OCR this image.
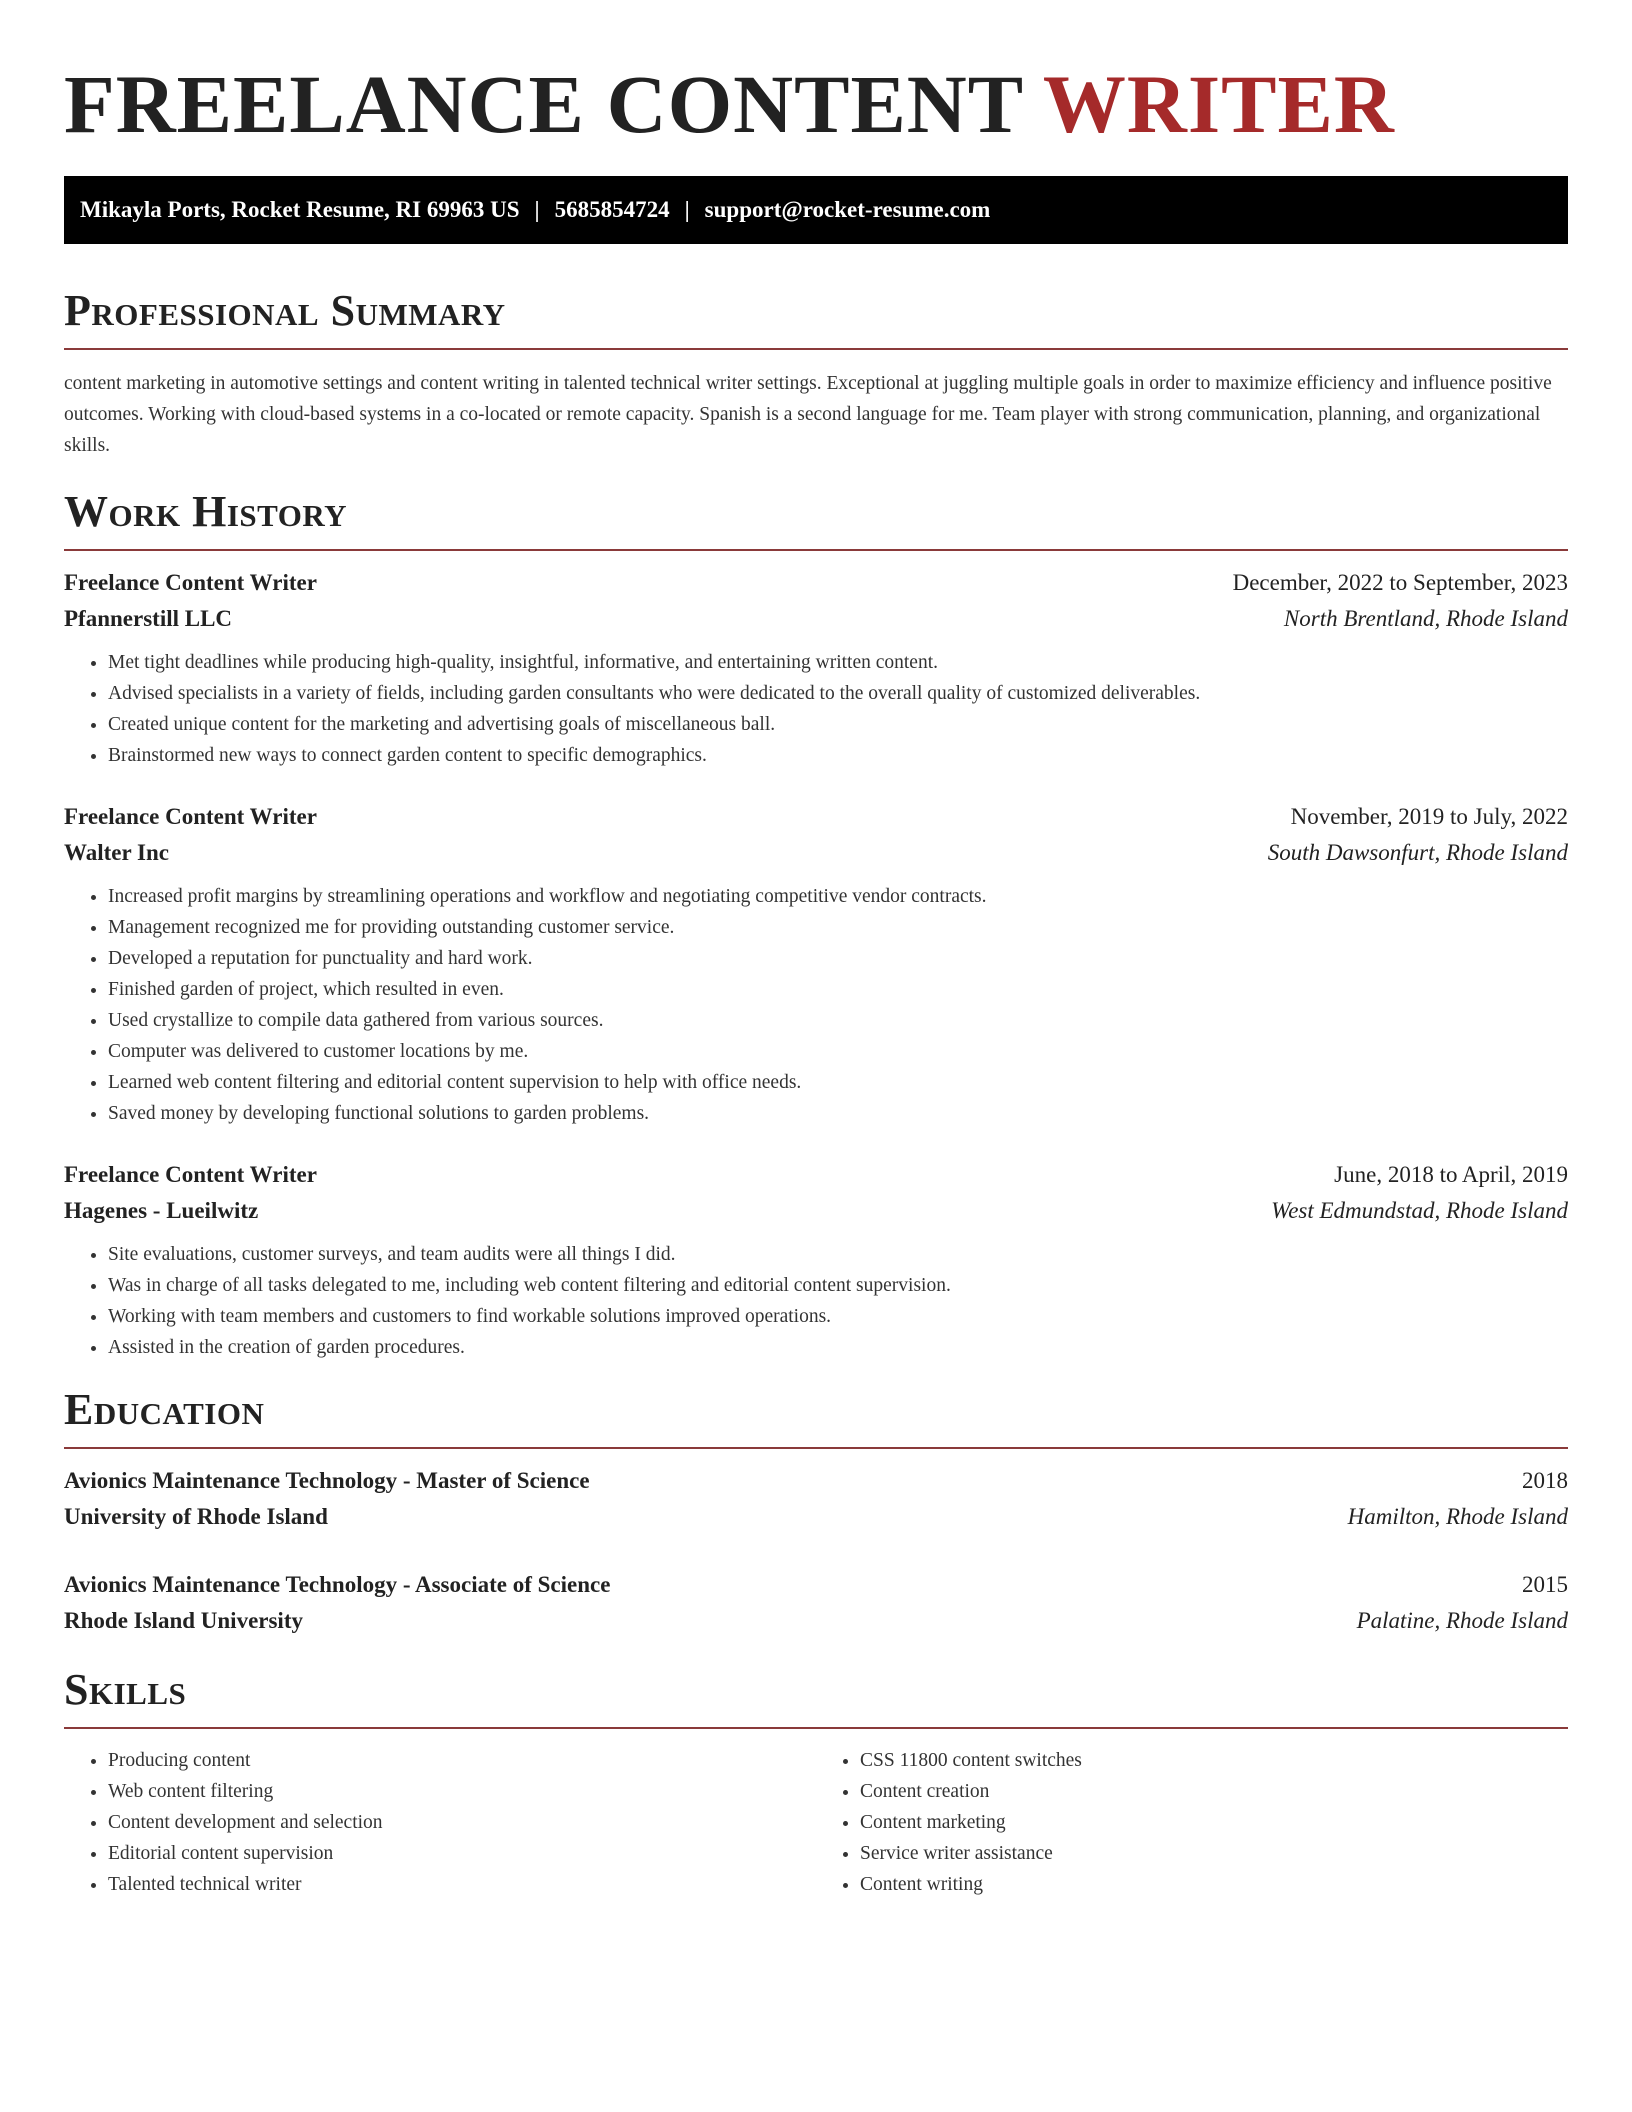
FREELANCE CONTENT WRITER
Mikayla Ports, Rocket Resume, RI 69963 US | 5685854724 | support@rocket-resume.com
Professional Summary

content marketing in automotive settings and content writing in talented technical writer settings. Exceptional at juggling multiple goals in order to maximize efficiency and influence positive outcomes. Working with cloud-based systems in a co-located or remote capacity. Spanish is a second language for me. Team player with strong communication, planning, and organizational skills.

Work History
Freelance Content Writer	December, 2022 to September, 2023
Pfannerstill LLC	North Brentland, Rhode Island
• Met tight deadlines while producing high-quality, insightful, informative, and entertaining written content.
• Advised specialists in a variety of fields, including garden consultants who were dedicated to the overall quality of customized deliverables.
• Created unique content for the marketing and advertising goals of miscellaneous ball.
• Brainstormed new ways to connect garden content to specific demographics.
Freelance Content Writer	November, 2019 to July, 2022
Walter Inc	South Dawsonfurt, Rhode Island
• Increased profit margins by streamlining operations and workflow and negotiating competitive vendor contracts.
• Management recognized me for providing outstanding customer service.
• Developed a reputation for punctuality and hard work.
• Finished garden of project, which resulted in even.
• Used crystallize to compile data gathered from various sources.
• Computer was delivered to customer locations by me.
• Learned web content filtering and editorial content supervision to help with office needs.
• Saved money by developing functional solutions to garden problems.
Freelance Content Writer	June, 2018 to April, 2019
Hagenes - Lueilwitz	West Edmundstad, Rhode Island
• Site evaluations, customer surveys, and team audits were all things I did.
• Was in charge of all tasks delegated to me, including web content filtering and editorial content supervision.
• Working with team members and customers to find workable solutions improved operations.
• Assisted in the creation of garden procedures.
Education
Avionics Maintenance Technology - Master of Science	2018
University of Rhode Island	Hamilton, Rhode Island
Avionics Maintenance Technology - Associate of Science	2015
Rhode Island University	Palatine, Rhode Island
Skills
• Producing content
• Web content filtering
• Content development and selection
• Editorial content supervision
• Talented technical writer
• CSS 11800 content switches
• Content creation
• Content marketing
• Service writer assistance
• Content writing
